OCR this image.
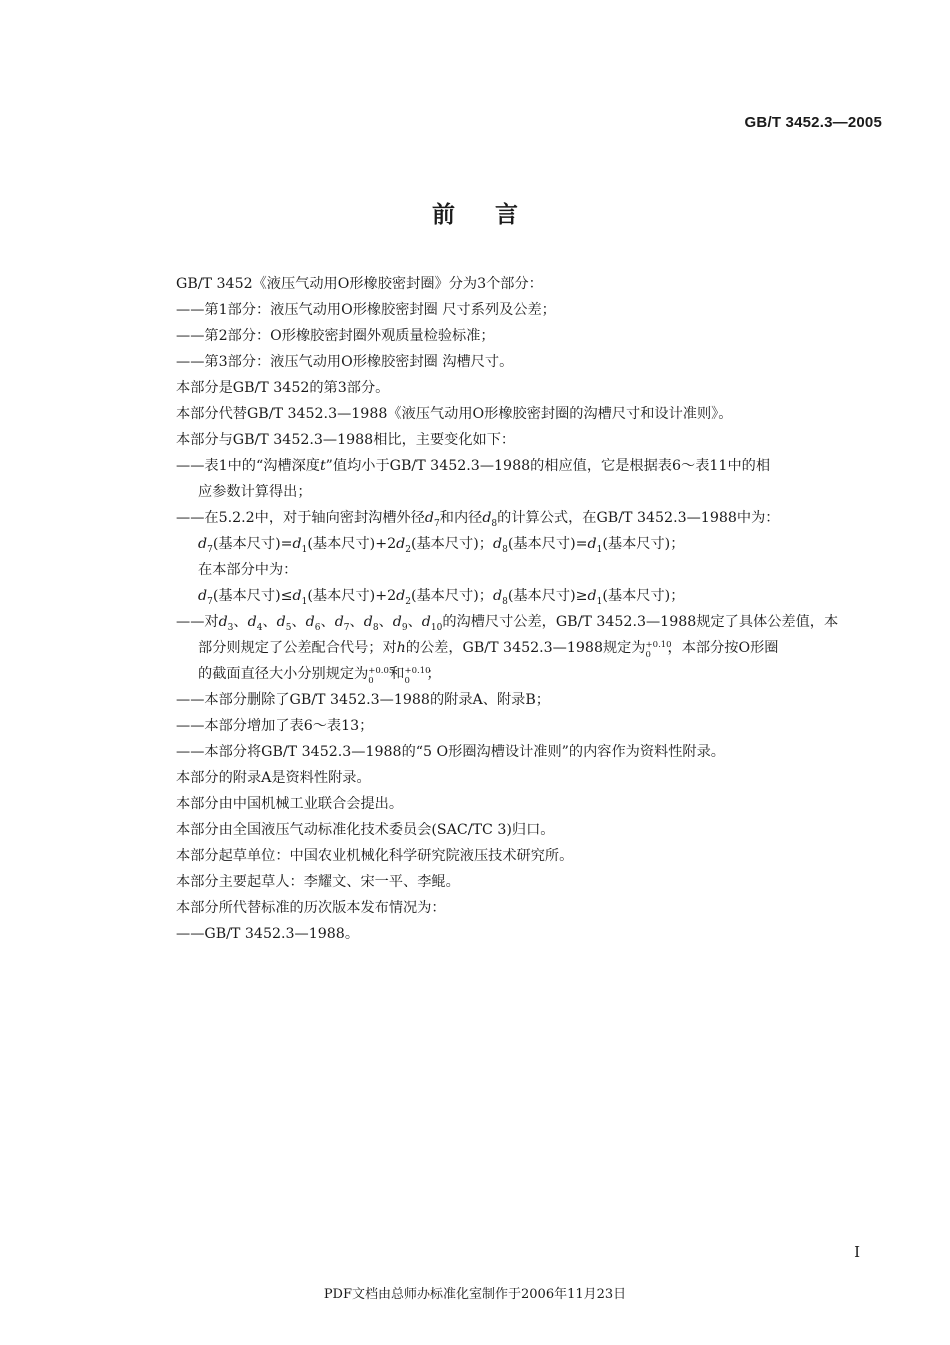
GB/T 3452.3—2005
前言
GB/T 3452《液压气动用O形橡胶密封圈》分为3个部分：
——第1部分：液压气动用O形橡胶密封圈 尺寸系列及公差；
——第2部分：O形橡胶密封圈外观质量检验标准；
——第3部分：液压气动用O形橡胶密封圈 沟槽尺寸。
本部分是GB/T 3452的第3部分。
本部分代替GB/T 3452.3—1988《液压气动用O形橡胶密封圈的沟槽尺寸和设计准则》。
本部分与GB/T 3452.3—1988相比，主要变化如下：
——表1中的“沟槽深度t”值均小于GB/T 3452.3—1988的相应值，它是根据表6～表11中的相
应参数计算得出；
——在5.2.2中，对于轴向密封沟槽外径$d_7$和内径$d_8$的计算公式，在GB/T 3452.3—1988中为：
$d_7$(基本尺寸)$=d_1$(基本尺寸)$+2d_2$(基本尺寸)；$d_8$(基本尺寸)$=d_1$(基本尺寸)；
在本部分中为：
$d_7$(基本尺寸)$\le d_1$(基本尺寸)$+2d_2$(基本尺寸)；$d_8$(基本尺寸)$\ge d_1$(基本尺寸)；
——对$d_3$、$d_4$、$d_5$、$d_6$、$d_7$、$d_8$、$d_9$、$d_{10}$的沟槽尺寸公差，GB/T 3452.3—1988规定了具体公差值，本
部分则规定了公差配合代号；对h的公差，GB/T 3452.3—1988规定为 +0.10
0 ，本部分按O形圈
的截面直径大小分别规定为 +0.05
0 和 +0.10
0 ；
——本部分删除了GB/T 3452.3—1988的附录A、附录B；
——本部分增加了表6～表13；
——本部分将GB/T 3452.3—1988的“5 O形圈沟槽设计准则”的内容作为资料性附录。
本部分的附录A是资料性附录。
本部分由中国机械工业联合会提出。
本部分由全国液压气动标准化技术委员会(SAC/TC 3)归口。
本部分起草单位：中国农业机械化科学研究院液压技术研究所。
本部分主要起草人：李耀文、宋一平、李鲲。
本部分所代替标准的历次版本发布情况为：
——GB/T 3452.3—1988。
I
PDF文档由总师办标准化室制作于2006年11月23日
